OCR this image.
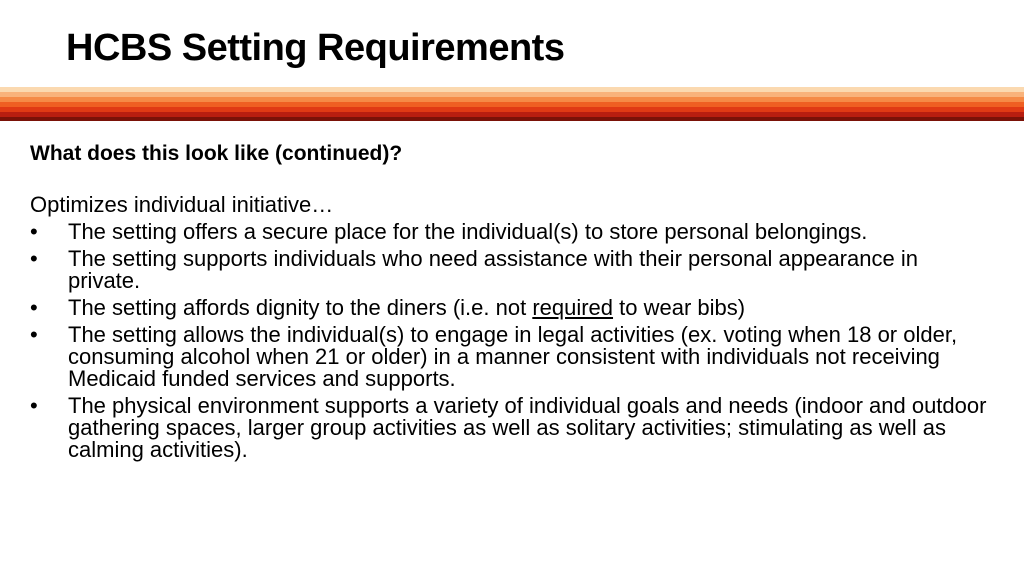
HCBS Setting Requirements

What does this look like (continued)?

Optimizes individual initiative…

• The setting offers a secure place for the individual(s) to store personal belongings.
• The setting supports individuals who need assistance with their personal appearance in private.
• The setting affords dignity to the diners (i.e. not required to wear bibs)
• The setting allows the individual(s) to engage in legal activities (ex. voting when 18 or older, consuming alcohol when 21 or older) in a manner consistent with individuals not receiving Medicaid funded services and supports.
• The physical environment supports a variety of individual goals and needs (indoor and outdoor gathering spaces, larger group activities as well as solitary activities; stimulating as well as calming activities).
